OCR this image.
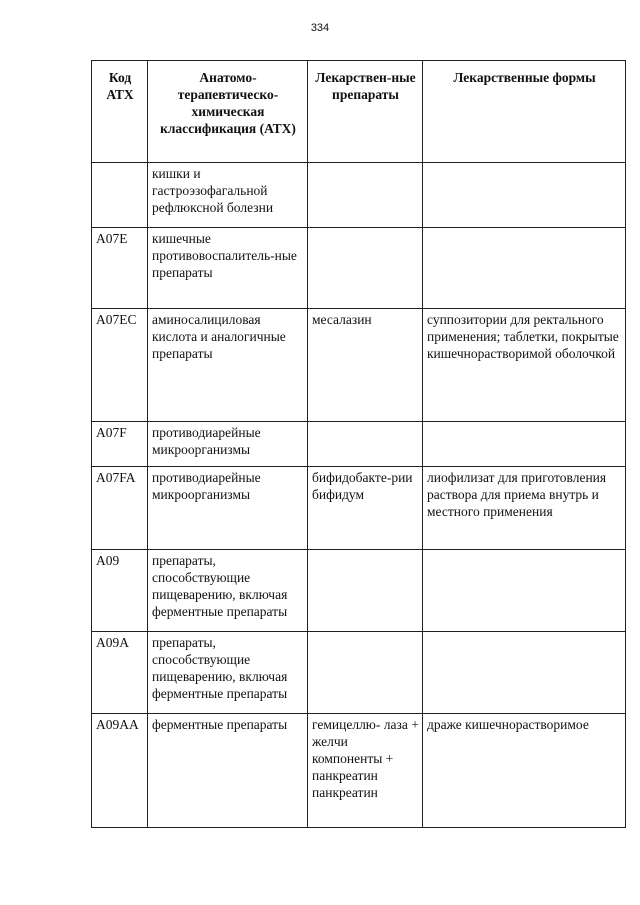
334
Код АТХ	Анатомо-терапевтическо-химическая классификация (АТХ)	Лекарствен-ные препараты	Лекарственные формы
	кишки и гастроэзофагальной рефлюксной болезни		
А07Е	кишечные противовоспалитель-ные препараты		
А07ЕС	аминосалициловая кислота и аналогичные препараты	месалазин	суппозитории для ректального применения; таблетки, покрытые кишечнорастворимой оболочкой
A07F	противодиарейные микроорганизмы		
A07FA	противодиарейные микроорганизмы	бифидобакте-рии бифидум	лиофилизат для приготовления раствора для приема внутрь и местного применения
А09	препараты, способствующие пищеварению, включая ферментные препараты		
А09А	препараты, способствующие пищеварению, включая ферментные препараты		
А09АА	ферментные препараты	гемицеллю- лаза + желчи компоненты + панкреатин панкреатин	драже кишечнорастворимое
